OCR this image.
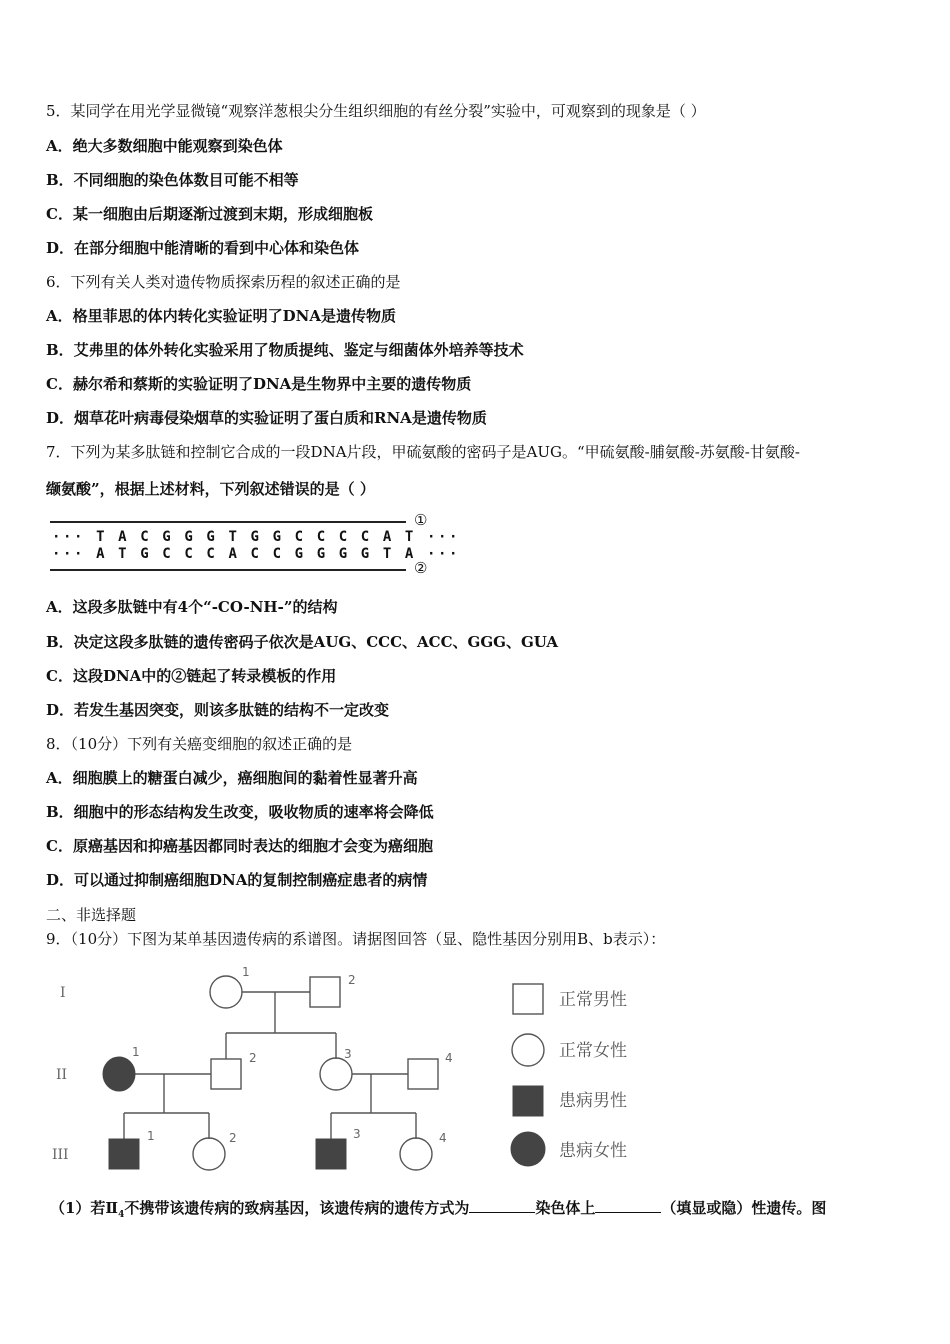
5．某同学在用光学显微镜“观察洋葱根尖分生组织细胞的有丝分裂”实验中，可观察到的现象是（ ）
A．绝大多数细胞中能观察到染色体
B．不同细胞的染色体数目可能不相等
C．某一细胞由后期逐渐过渡到末期，形成细胞板
D．在部分细胞中能清晰的看到中心体和染色体
6．下列有关人类对遗传物质探索历程的叙述正确的是
A．格里菲思的体内转化实验证明了DNA是遗传物质
B．艾弗里的体外转化实验采用了物质提纯、鉴定与细菌体外培养等技术
C．赫尔希和蔡斯的实验证明了DNA是生物界中主要的遗传物质
D．烟草花叶病毒侵染烟草的实验证明了蛋白质和RNA是遗传物质
7．下列为某多肽链和控制它合成的一段DNA片段，甲硫氨酸的密码子是AUG。“甲硫氨酸-脯氨酸-苏氨酸-甘氨酸-
缬氨酸”，根据上述材料，下列叙述错误的是（ ）
··· T A C G G G T G G C C C C A T ···
··· A T G C C C A C C G G G G T A ···
①
②
A．这段多肽链中有4个“-CO-NH-”的结构
B．决定这段多肽链的遗传密码子依次是AUG、CCC、ACC、GGG、GUA
C．这段DNA中的②链起了转录模板的作用
D．若发生基因突变，则该多肽链的结构不一定改变
8．（10分）下列有关癌变细胞的叙述正确的是
A．细胞膜上的糖蛋白减少，癌细胞间的黏着性显著升高
B．细胞中的形态结构发生改变，吸收物质的速率将会降低
C．原癌基因和抑癌基因都同时表达的细胞才会变为癌细胞
D．可以通过抑制癌细胞DNA的复制控制癌症患者的病情
二、非选择题
9．（10分）下图为某单基因遗传病的系谱图。请据图回答（显、隐性基因分别用B、b表示）：
I
II
III
1
2
1	2	3	4
1	2	3	4
正常男性
正常女性
患病男性
患病女性
（1）若$Ⅱ_4$不携带该遗传病的致病基因，该遗传病的遗传方式为	染色体上	（填显或隐）性遗传。图
